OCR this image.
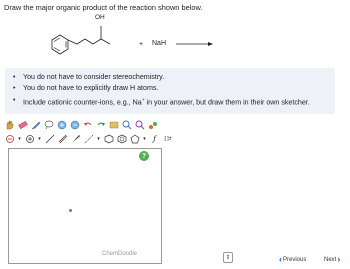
Draw the major organic product of the reaction shown below.
OH
+ NaH
• You do not have to consider stereochemistry.
• You do not have to explicitly draw H atoms.
• Include cationic counter-ions, e.g., Na+ in your answer, but draw them in their own sketcher.
▾	▾	▾	▾	ƒ	[ ]±
?
ChemDoodle
⇕	‹ Previous	Next ›
